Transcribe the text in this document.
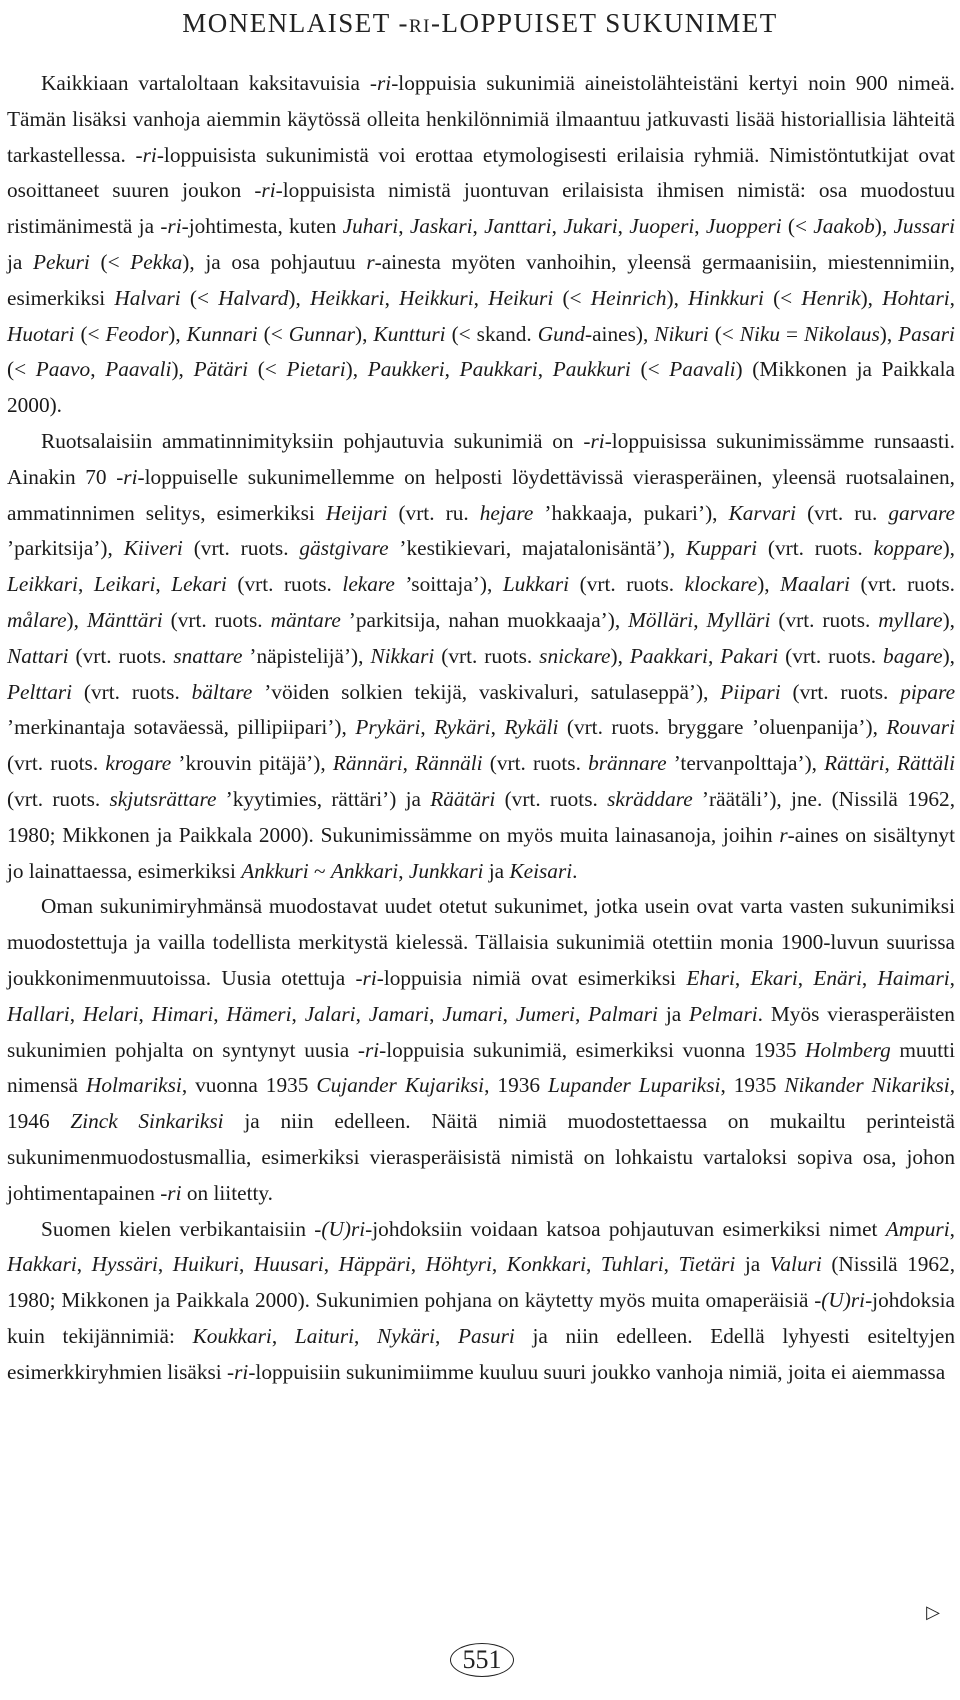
MONENLAISET -RI-LOPPUISET SUKUNIMET

Kaikkiaan vartaloltaan kaksitavuisia -ri-loppuisia sukunimiä aineistolähteistäni kertyi noin 900 nimeä. Tämän lisäksi vanhoja aiemmin käytössä olleita henkilönnimiä ilmaantuu jatkuvasti lisää historiallisia lähteitä tarkastellessa. -ri-loppuisista sukunimistä voi erottaa etymologisesti erilaisia ryhmiä. Nimistöntutkijat ovat osoittaneet suuren joukon -ri-loppuisista nimistä juontuvan erilaisista ihmisen nimistä: osa muodostuu ristimänimestä ja -ri-johtimesta, kuten Juhari, Jaskari, Janttari, Jukari, Juoperi, Juopperi (< Jaakob), Jussari ja Pekuri (< Pekka), ja osa pohjautuu r-ainesta myöten vanhoihin, yleensä germaanisiin, miestennimiin, esimerkiksi Halvari (< Halvard), Heikkari, Heikkuri, Heikuri (< Heinrich), Hinkkuri (< Henrik), Hohtari, Huotari (< Feodor), Kunnari (< Gunnar), Kuntturi (< skand. Gund-aines), Nikuri (< Niku = Nikolaus), Pasari (< Paavo, Paavali), Pätäri (< Pietari), Paukkeri, Paukkari, Paukkuri (< Paavali) (Mikkonen ja Paikkala 2000).

Ruotsalaisiin ammatinnimityksiin pohjautuvia sukunimiä on -ri-loppuisissa sukunimissämme runsaasti. Ainakin 70 -ri-loppuiselle sukunimellemme on helposti löydettävissä vierasperäinen, yleensä ruotsalainen, ammatinnimen selitys, esimerkiksi Heijari (vrt. ru. hejare ’hakkaaja, pukari’), Karvari (vrt. ru. garvare ’parkitsija’), Kiiveri (vrt. ruots. gästgivare ’kestikievari, majatalonisäntä’), Kuppari (vrt. ruots. koppare), Leikkari, Leikari, Lekari (vrt. ruots. lekare ’soittaja’), Lukkari (vrt. ruots. klockare), Maalari (vrt. ruots. målare), Mänttäri (vrt. ruots. mäntare ’parkitsija, nahan muokkaaja’), Mölläri, Mylläri (vrt. ruots. myllare), Nattari (vrt. ruots. snattare ’näpistelijä’), Nikkari (vrt. ruots. snickare), Paakkari, Pakari (vrt. ruots. bagare), Pelttari (vrt. ruots. bältare ’vöiden solkien tekijä, vaskivaluri, satulaseppä’), Piipari (vrt. ruots. pipare ’merkinantaja sotaväessä, pillipiipari’), Prykäri, Rykäri, Rykäli (vrt. ruots. bryggare ’oluenpanija’), Rouvari (vrt. ruots. krogare ’krouvin pitäjä’), Rännäri, Rännäli (vrt. ruots. brännare ’tervanpolttaja’), Rättäri, Rättäli (vrt. ruots. skjutsrättare ’kyytimies, rättäri’) ja Räätäri (vrt. ruots. skräddare ’räätäli’), jne. (Nissilä 1962, 1980; Mikkonen ja Paikkala 2000). Sukunimissämme on myös muita lainasanoja, joihin r-aines on sisältynyt jo lainattaessa, esimerkiksi Ankkuri ~ Ankkari, Junkkari ja Keisari.

Oman sukunimiryhmänsä muodostavat uudet otetut sukunimet, jotka usein ovat varta vasten sukunimiksi muodostettuja ja vailla todellista merkitystä kielessä. Tällaisia sukunimiä otettiin monia 1900-luvun suurissa joukkonimenmuutoissa. Uusia otettuja -ri-loppuisia nimiä ovat esimerkiksi Ehari, Ekari, Enäri, Haimari, Hallari, Helari, Himari, Hämeri, Jalari, Jamari, Jumari, Jumeri, Palmari ja Pelmari. Myös vierasperäisten sukunimien pohjalta on syntynyt uusia -ri-loppuisia sukunimiä, esimerkiksi vuonna 1935 Holmberg muutti nimensä Holmariksi, vuonna 1935 Cujander Kujariksi, 1936 Lupander Lupariksi, 1935 Nikander Nikariksi, 1946 Zinck Sinkariksi ja niin edelleen. Näitä nimiä muodostettaessa on mukailtu perinteistä sukunimenmuodostusmallia, esimerkiksi vierasperäisistä nimistä on lohkaistu vartaloksi sopiva osa, johon johtimentapainen -ri on liitetty.

Suomen kielen verbikantaisiin -(U)ri-johdoksiin voidaan katsoa pohjautuvan esimerkiksi nimet Ampuri, Hakkari, Hyssäri, Huikuri, Huusari, Häppäri, Höhtyri, Konkkari, Tuhlari, Tietäri ja Valuri (Nissilä 1962, 1980; Mikkonen ja Paikkala 2000). Sukunimien pohjana on käytetty myös muita omaperäisiä -(U)ri-johdoksia kuin tekijännimiä: Koukkari, Laituri, Nykäri, Pasuri ja niin edelleen. Edellä lyhyesti esiteltyjen esimerkkiryhmien lisäksi -ri-loppuisiin sukunimiimme kuuluu suuri joukko vanhoja nimiä, joita ei aiemmassa

▷
551
